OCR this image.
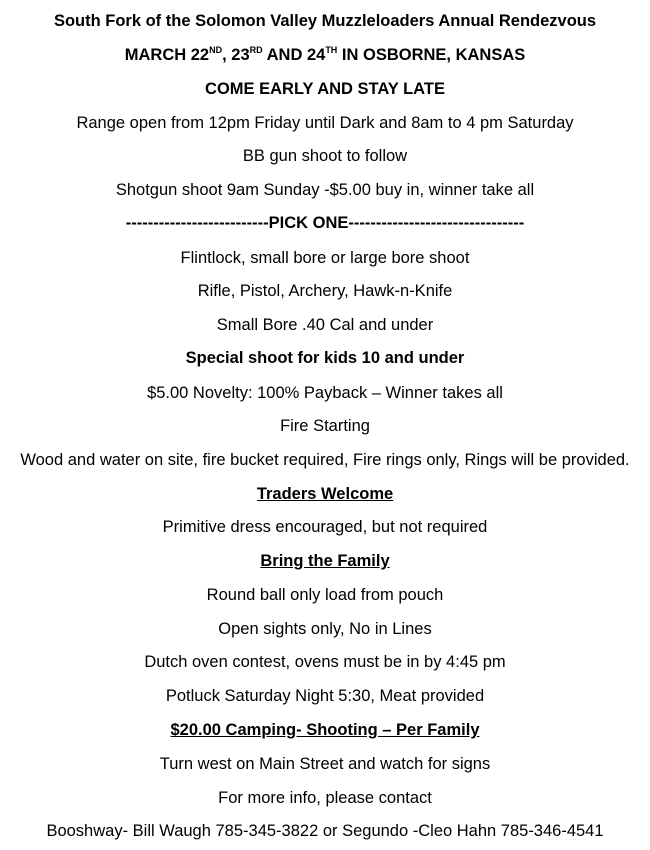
South Fork of the Solomon Valley Muzzleloaders Annual Rendezvous
MARCH 22ND, 23RD AND 24TH IN OSBORNE, KANSAS
COME EARLY AND STAY LATE
Range open from 12pm Friday until Dark and 8am to 4 pm Saturday
BB gun shoot to follow
Shotgun shoot 9am Sunday -$5.00 buy in, winner take all
--------------------------PICK ONE--------------------------------
Flintlock, small bore or large bore shoot
Rifle, Pistol, Archery, Hawk-n-Knife
Small Bore .40 Cal and under
Special shoot for kids 10 and under
$5.00 Novelty: 100% Payback – Winner takes all
Fire Starting
Wood and water on site, fire bucket required, Fire rings only, Rings will be provided.
Traders Welcome
Primitive dress encouraged, but not required
Bring the Family
Round ball only load from pouch
Open sights only, No in Lines
Dutch oven contest, ovens must be in by 4:45 pm
Potluck Saturday Night 5:30, Meat provided
$20.00 Camping- Shooting – Per Family
Turn west on Main Street and watch for signs
For more info, please contact
Booshway- Bill Waugh 785-345-3822 or Segundo -Cleo Hahn 785-346-4541
